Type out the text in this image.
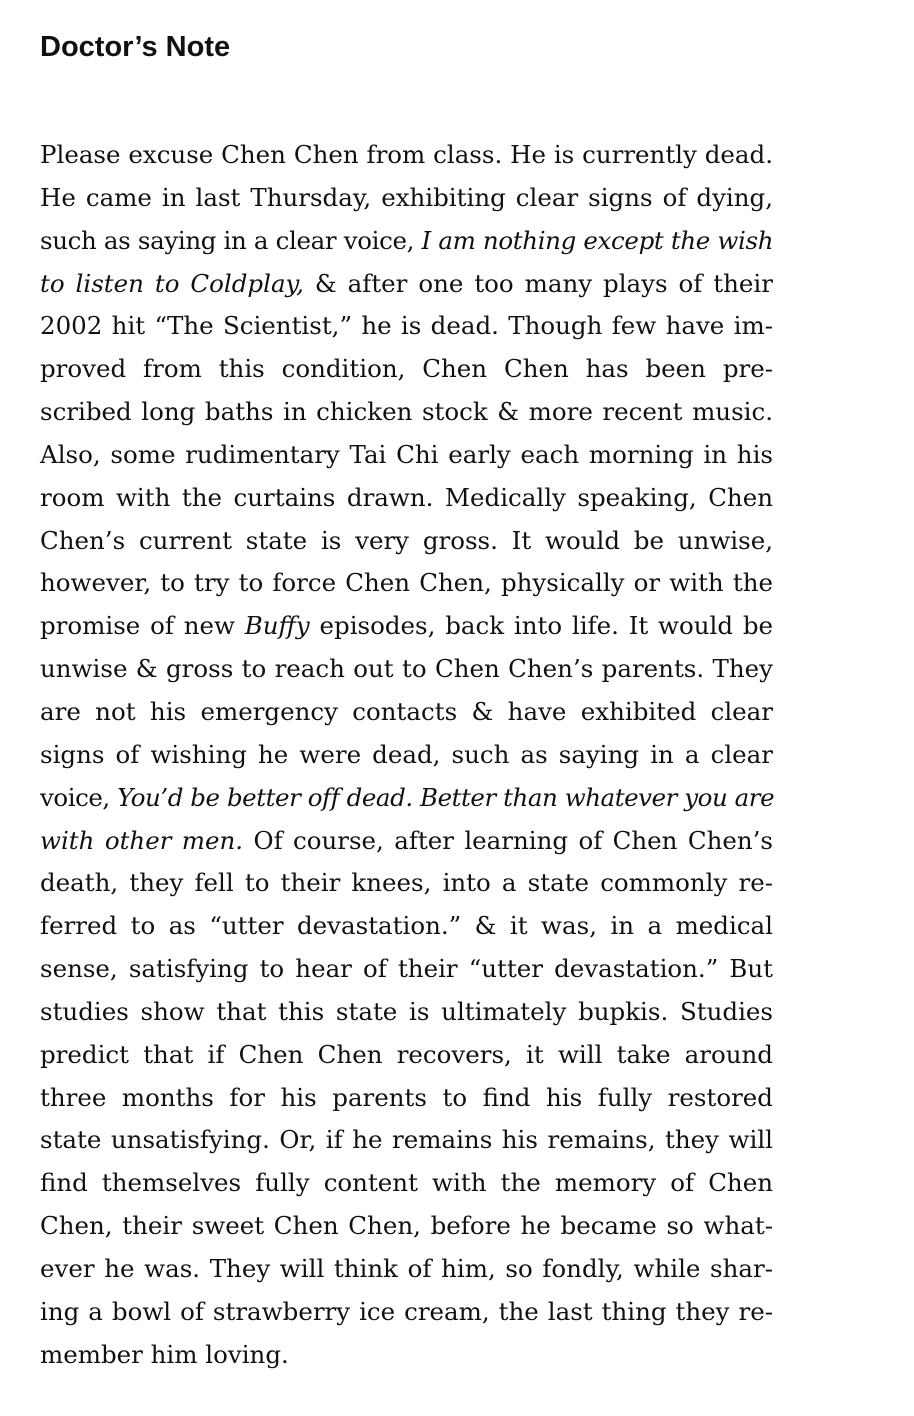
Doctor’s Note
Please excuse Chen Chen from class. He is currently dead.
He came in last Thursday, exhibiting clear signs of dying,
such as saying in a clear voice, I am nothing except the wish
to listen to Coldplay, & after one too many plays of their
2002 hit “The Scientist,” he is dead. Though few have im-
proved from this condition, Chen Chen has been pre-
scribed long baths in chicken stock & more recent music.
Also, some rudimentary Tai Chi early each morning in his
room with the curtains drawn. Medically speaking, Chen
Chen’s current state is very gross. It would be unwise,
however, to try to force Chen Chen, physically or with the
promise of new Buffy episodes, back into life. It would be
unwise & gross to reach out to Chen Chen’s parents. They
are not his emergency contacts & have exhibited clear
signs of wishing he were dead, such as saying in a clear
voice, You’d be better off dead. Better than whatever you are
with other men. Of course, after learning of Chen Chen’s
death, they fell to their knees, into a state commonly re-
ferred to as “utter devastation.” & it was, in a medical
sense, satisfying to hear of their “utter devastation.” But
studies show that this state is ultimately bupkis. Studies
predict that if Chen Chen recovers, it will take around
three months for his parents to find his fully restored
state unsatisfying. Or, if he remains his remains, they will
find themselves fully content with the memory of Chen
Chen, their sweet Chen Chen, before he became so what-
ever he was. They will think of him, so fondly, while shar-
ing a bowl of strawberry ice cream, the last thing they re-
member him loving.
